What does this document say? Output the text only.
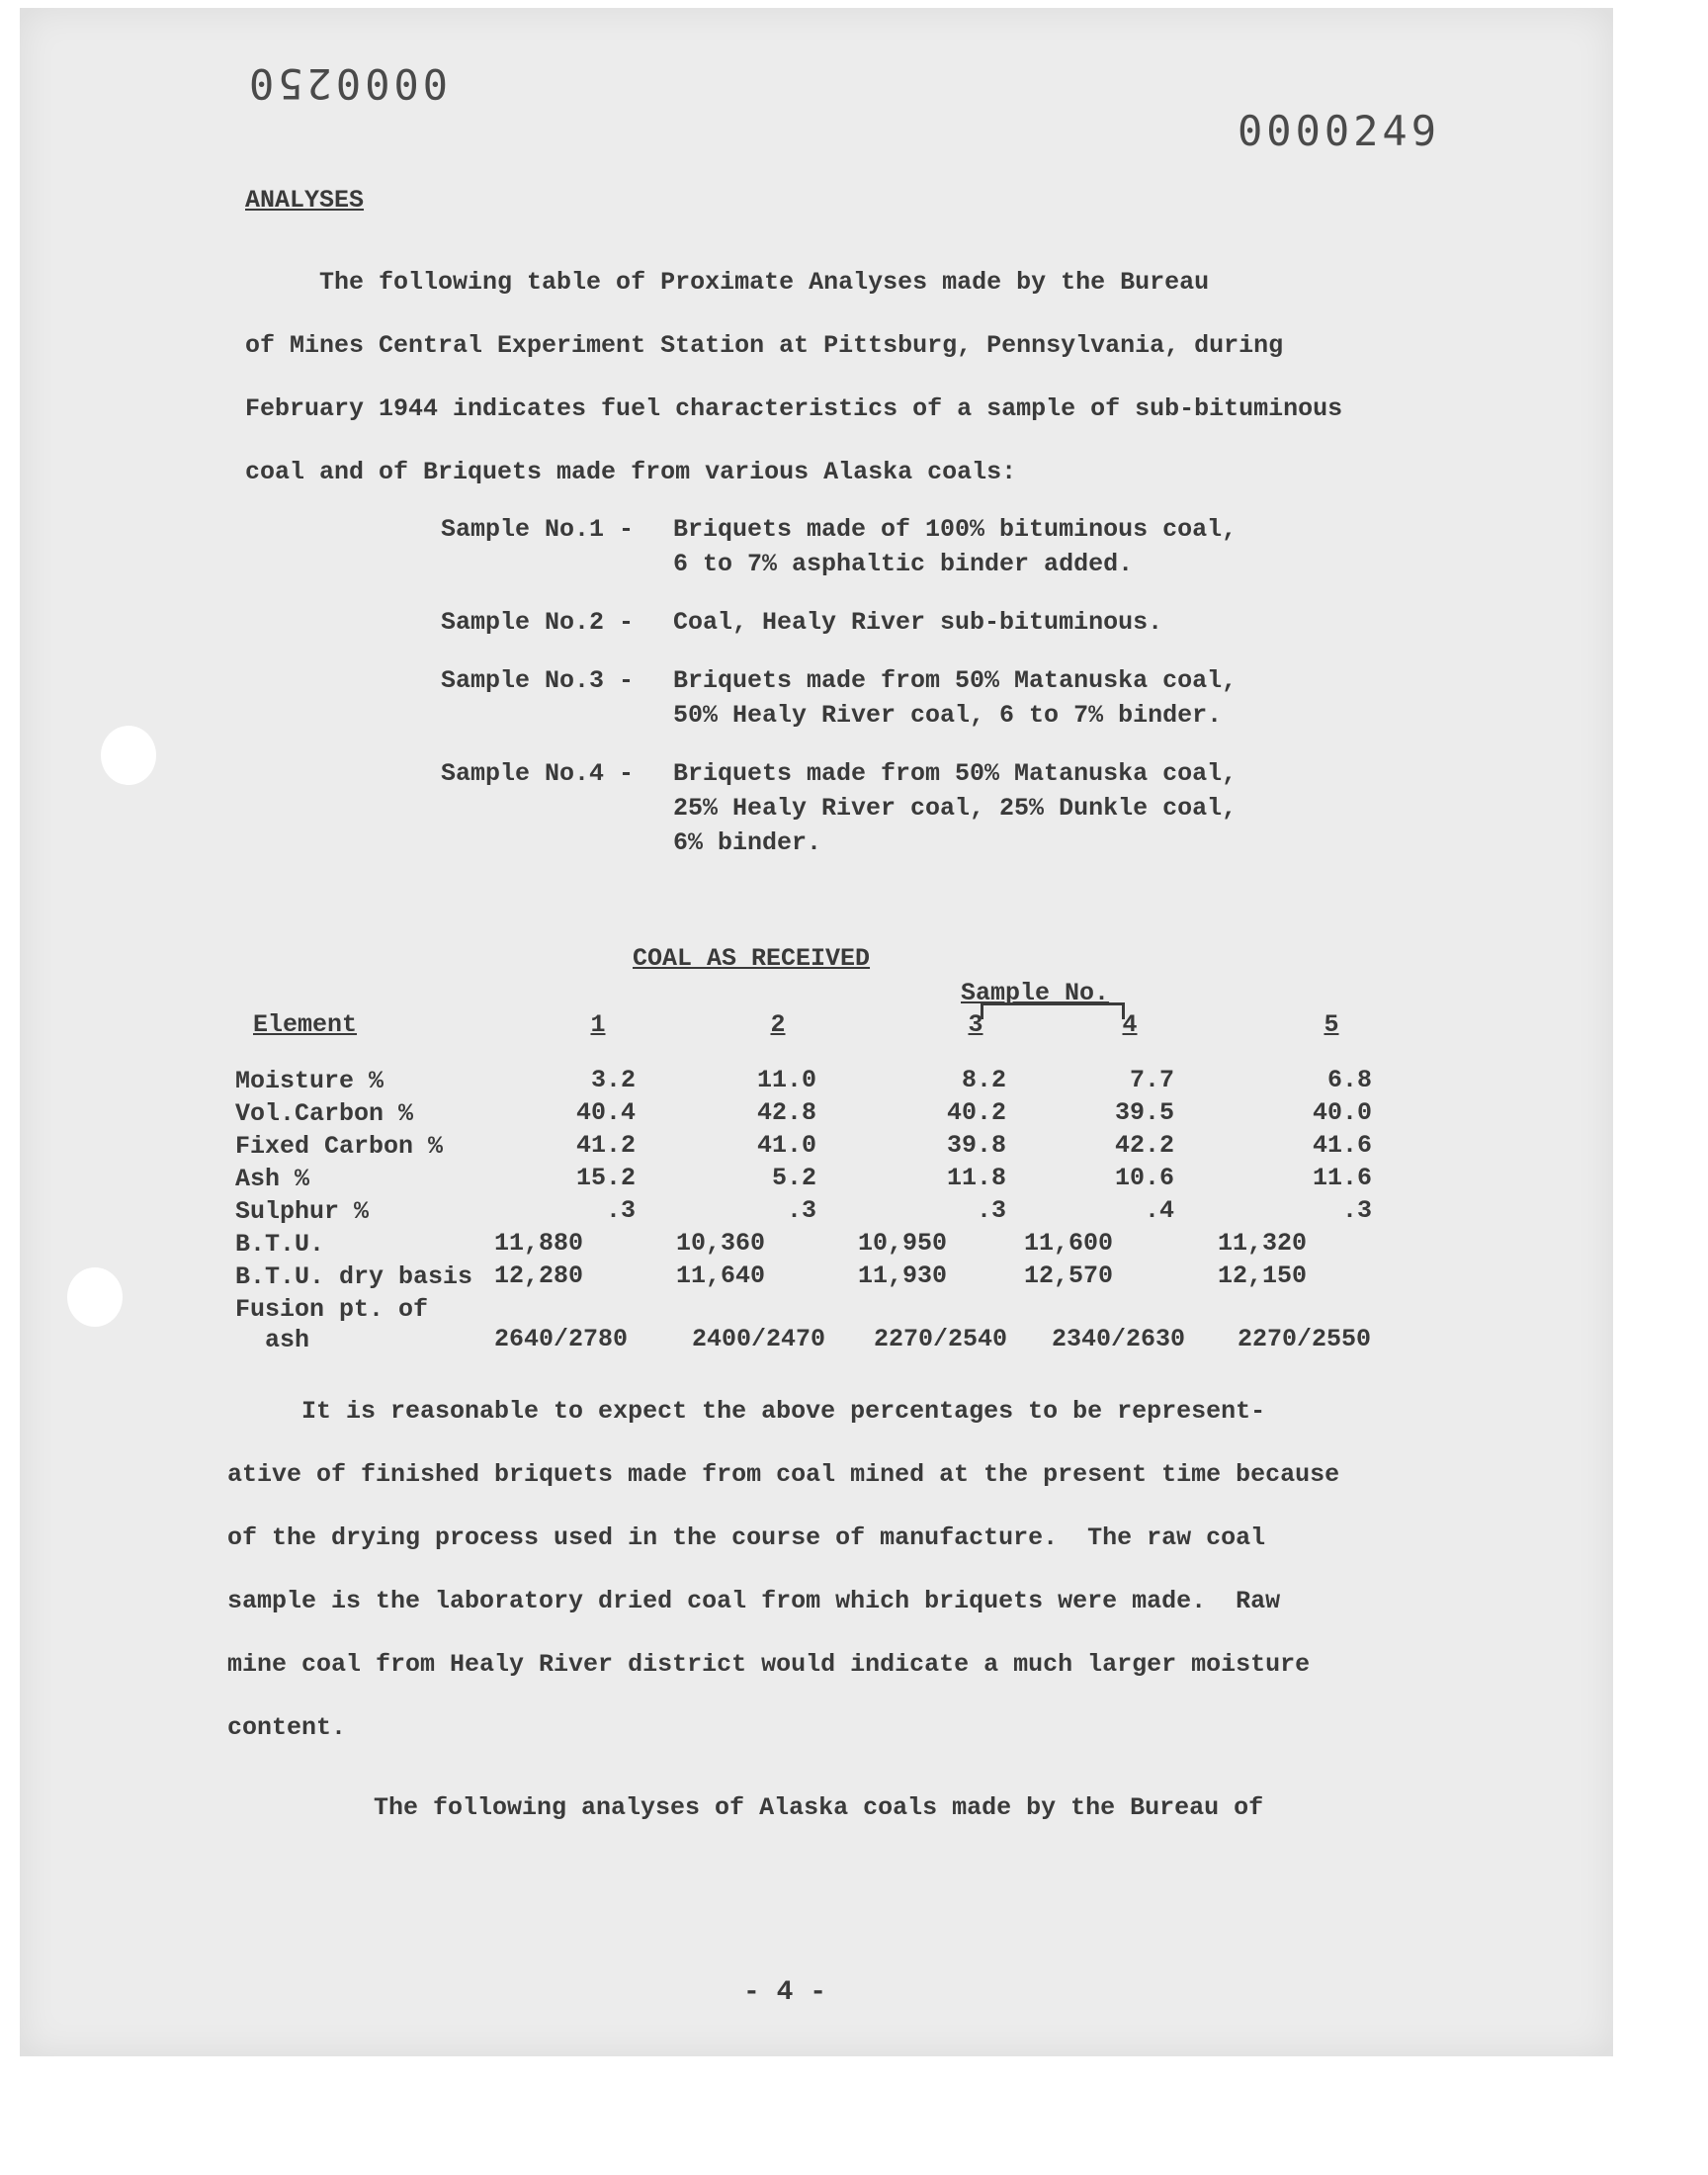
0000250
0000249
ANALYSES

The following table of Proximate Analyses made by the Bureau
of Mines Central Experiment Station at Pittsburg, Pennsylvania, during
February 1944 indicates fuel characteristics of a sample of sub-bituminous
coal and of Briquets made from various Alaska coals:

Sample No.1 -	Briquets made of 100% bituminous coal,
6 to 7% asphaltic binder added.
Sample No.2 -	Coal, Healy River sub-bituminous.
Sample No.3 -	Briquets made from 50% Matanuska coal,
50% Healy River coal, 6 to 7% binder.
Sample No.4 -	Briquets made from 50% Matanuska coal,
25% Healy River coal, 25% Dunkle coal,
6% binder.
COAL AS RECEIVED
Sample No.
Element	1	2	3	4	5
Moisture %	3.2	11.0	8.2	7.7	6.8
Vol.Carbon %	40.4	42.8	40.2	39.5	40.0
Fixed Carbon %	41.2	41.0	39.8	42.2	41.6
Ash %	15.2	5.2	11.8	10.6	11.6
Sulphur %	.3	.3	.3	.4	.3
B.T.U.	11,880	10,360	10,950	11,600	11,320
B.T.U. dry basis 12,280	11,640	11,930	12,570	12,150
Fusion pt. of
ash	2640/2780	2400/2470 2270/2540 2340/2630 2270/2550

It is reasonable to expect the above percentages to be represent-
ative of finished briquets made from coal mined at the present time because
of the drying process used in the course of manufacture.  The raw coal
sample is the laboratory dried coal from which briquets were made.  Raw
mine coal from Healy River district would indicate a much larger moisture
content.

The following analyses of Alaska coals made by the Bureau of

- 4 -
